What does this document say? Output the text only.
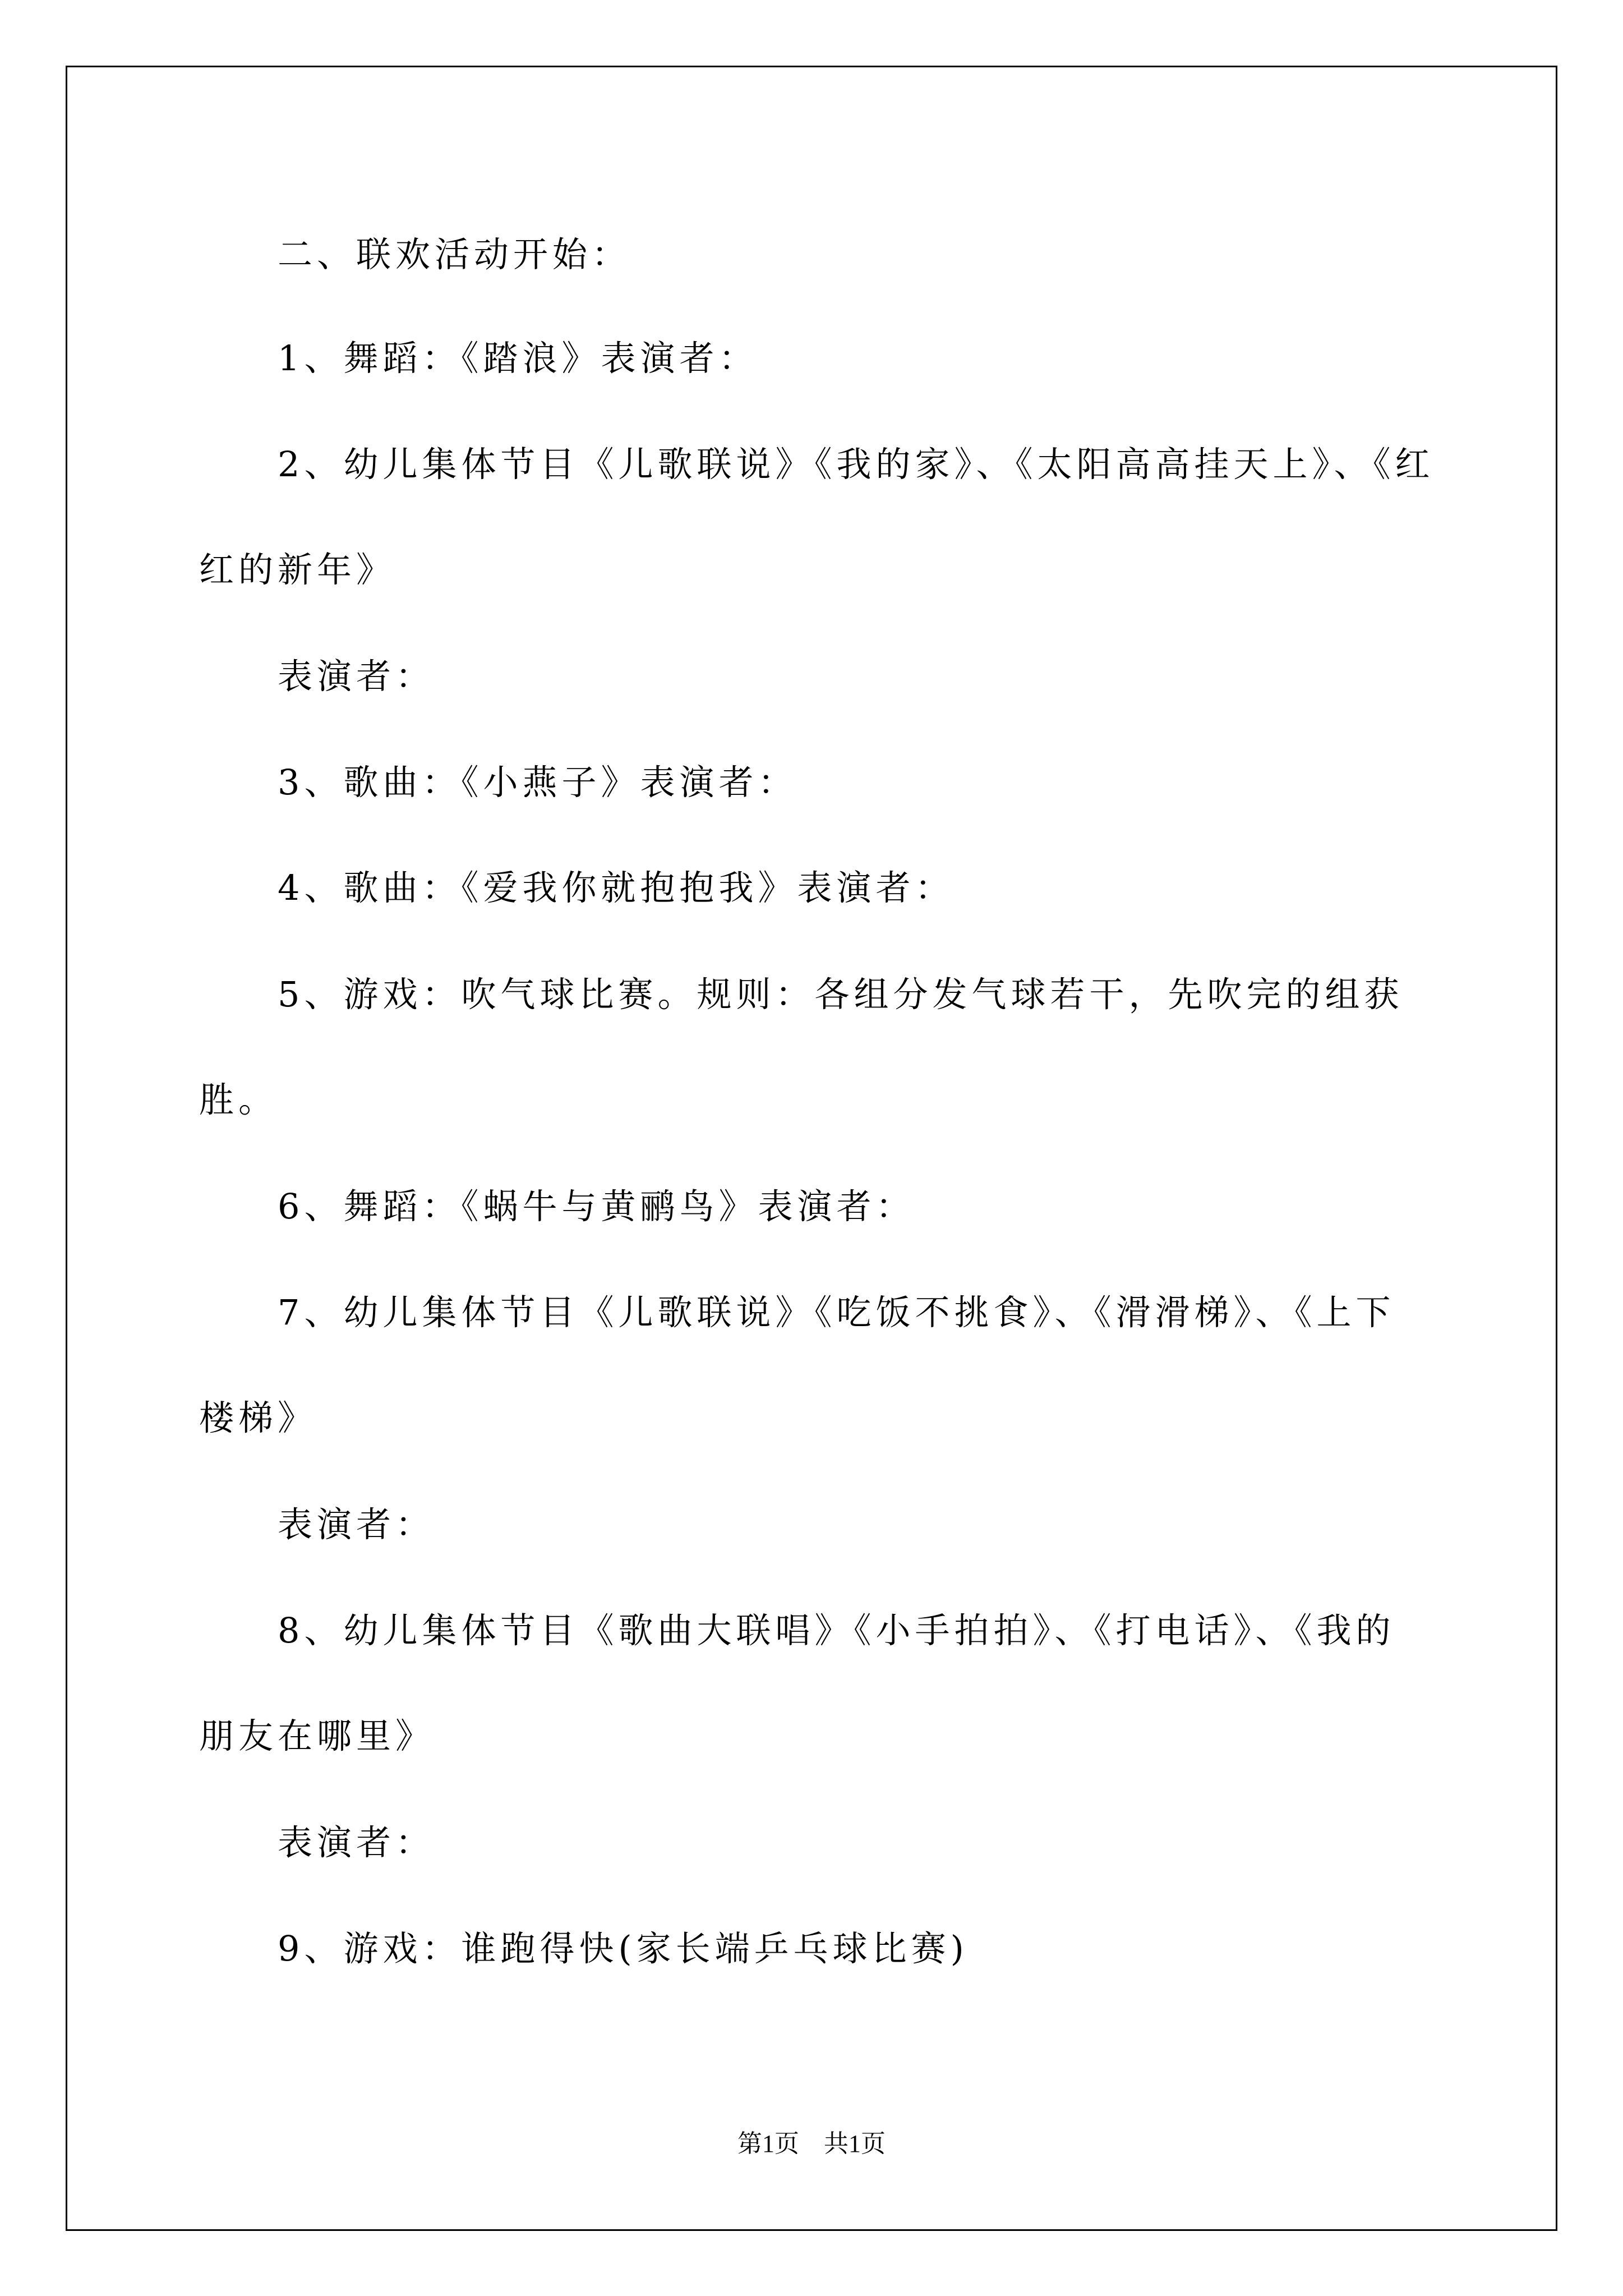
二、联欢活动开始：
1、舞蹈：《踏浪》表演者：
2、幼儿集体节目《儿歌联说》《我的家》、《太阳高高挂天上》、《红
红的新年》
表演者：
3、歌曲：《小燕子》表演者：
4、歌曲：《爱我你就抱抱我》表演者：
5、游戏：吹气球比赛。规则：各组分发气球若干，先吹完的组获
胜。
6、舞蹈：《蜗牛与黄鹂鸟》表演者：
7、幼儿集体节目《儿歌联说》《吃饭不挑食》、《滑滑梯》、《上下
楼梯》
表演者：
8、幼儿集体节目《歌曲大联唱》《小手拍拍》、《打电话》、《我的
朋友在哪里》
表演者：
9、游戏：谁跑得快(家长端乒乓球比赛)
第1页　共1页
